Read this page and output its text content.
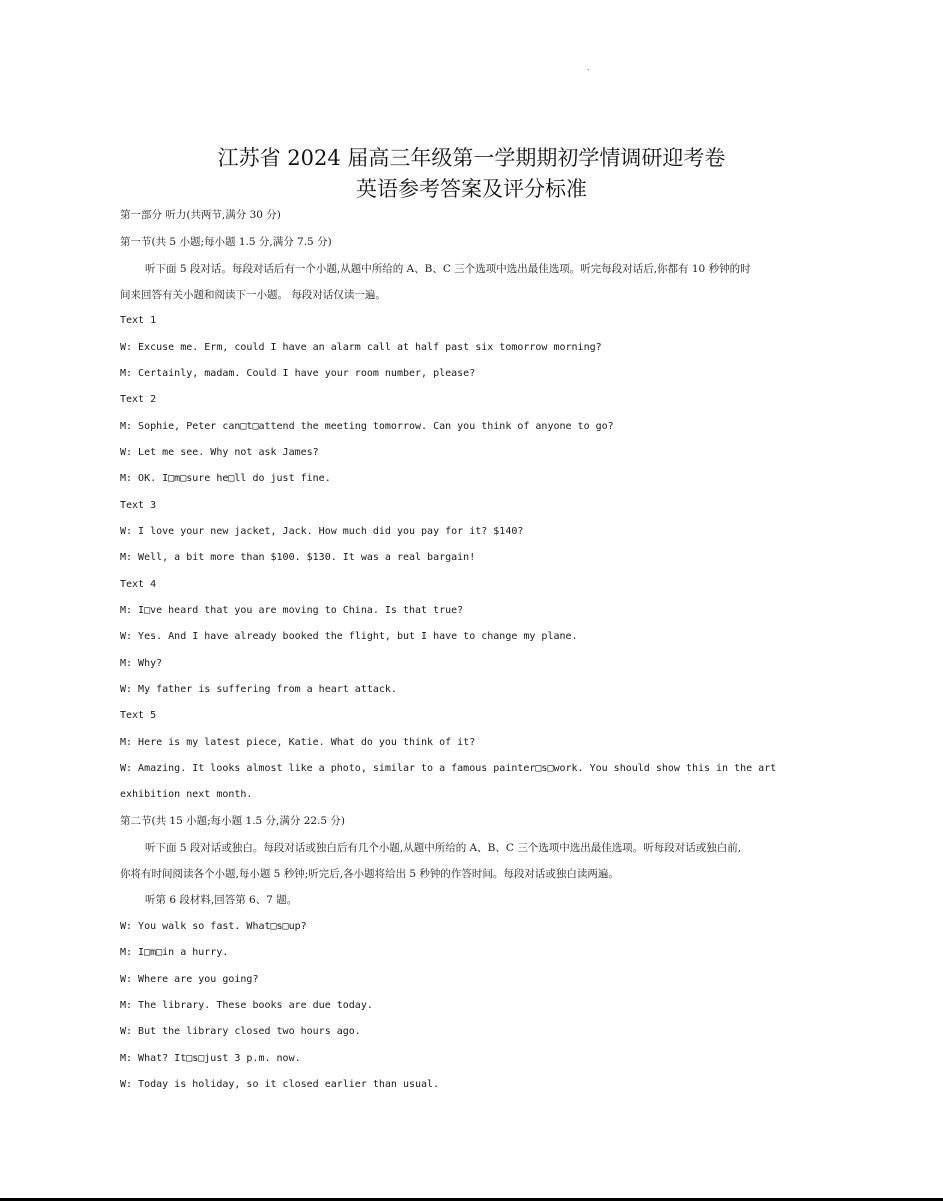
.
江苏省 2024 届高三年级第一学期期初学情调研迎考卷
英语参考答案及评分标准
第一部分 听力(共两节,满分 30 分)
第一节(共 5 小题;每小题 1.5 分,满分 7.5 分)
听下面 5 段对话。每段对话后有一个小题,从题中所给的 A、B、C 三个选项中选出最佳选项。听完每段对话后,你都有 10 秒钟的时
间来回答有关小题和阅读下一小题。 每段对话仅读一遍。
Text 1
W: Excuse me. Erm, could I have an alarm call at half past six tomorrow morning?
M: Certainly, madam. Could I have your room number, please?
Text 2
M: Sophie, Peter can□t□attend the meeting tomorrow. Can you think of anyone to go?
W: Let me see. Why not ask James?
M: OK. I□m□sure he□ll do just fine.
Text 3
W: I love your new jacket, Jack. How much did you pay for it? $140?
M: Well, a bit more than $100. $130. It was a real bargain!
Text 4
M: I□ve heard that you are moving to China. Is that true?
W: Yes. And I have already booked the flight, but I have to change my plane.
M: Why?
W: My father is suffering from a heart attack.
Text 5
M: Here is my latest piece, Katie. What do you think of it?
W: Amazing. It looks almost like a photo, similar to a famous painter□s□work. You should show this in the art
exhibition next month.
第二节(共 15 小题;每小题 1.5 分,满分 22.5 分)
听下面 5 段对话或独白。每段对话或独白后有几个小题,从题中所给的 A、B、C 三个选项中选出最佳选项。听每段对话或独白前,
你将有时间阅读各个小题,每小题 5 秒钟;听完后,各小题将给出 5 秒钟的作答时间。每段对话或独白读两遍。
听第 6 段材料,回答第 6、7 题。
W: You walk so fast. What□s□up?
M: I□m□in a hurry.
W: Where are you going?
M: The library. These books are due today.
W: But the library closed two hours ago.
M: What? It□s□just 3 p.m. now.
W: Today is holiday, so it closed earlier than usual.
